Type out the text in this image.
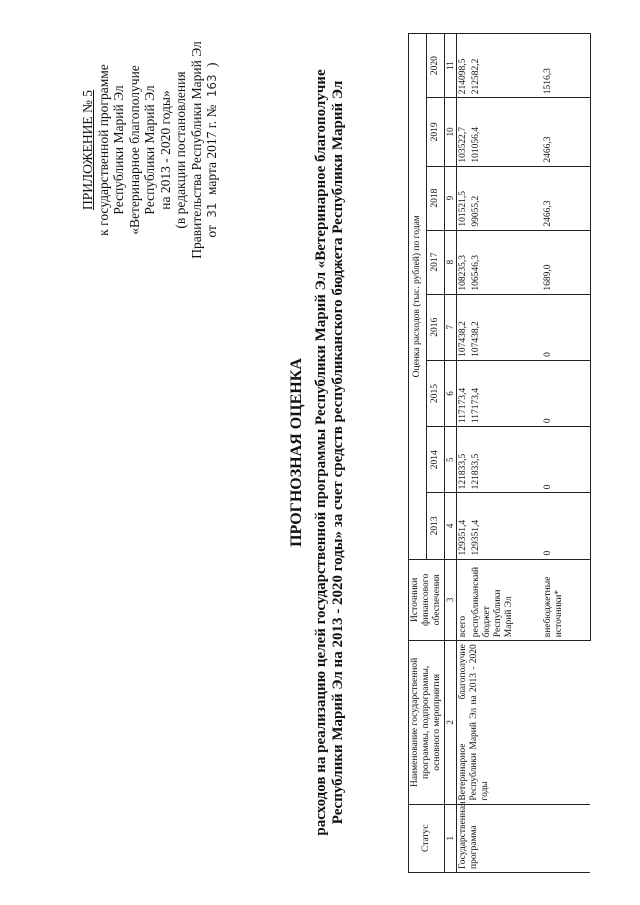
ПРИЛОЖЕНИЕ № 5 к государственной программе Республики Марий Эл «Ветеринарное благополучие Республики Марий Эл на 2013 - 2020 годы» (в редакции постановления Правительства Республики Марий Эл от 31 марта 2017 г. № 163 )
ПРОГНОЗНАЯ ОЦЕНКА расходов на реализацию целей государственной программы Республики Марий Эл «Ветеринарное благополучие Республики Марий Эл на 2013 - 2020 годы» за счет средств республиканского бюджета Республики Марий Эл
Статус	Наименование государственной программы, подпрограммы, основного мероприятия	Источники финансового обеспечения	Оценка расходов (тыс. рублей) по годам							
			2013	2014	2015	2016	2017	2018	2019	2020
1	2	3	4	5	6	7	8	9	10	11
Государственная программа	Ветеринарное благополучие Республики Марий Эл на 2013 - 2020 годы	всего	129351,4	121833,5	117173,4	107438,2	108235,3	101521,5	103522,7	214098,5
		республиканский бюджет Республики Марий Эл	129351,4	121833,5	117173,4	107438,2	106546,3	99055,2	101056,4	212582,2
		внебюджетные источники*	0	0	0	0	1689,0	2466,3	2466,3	1516,3
